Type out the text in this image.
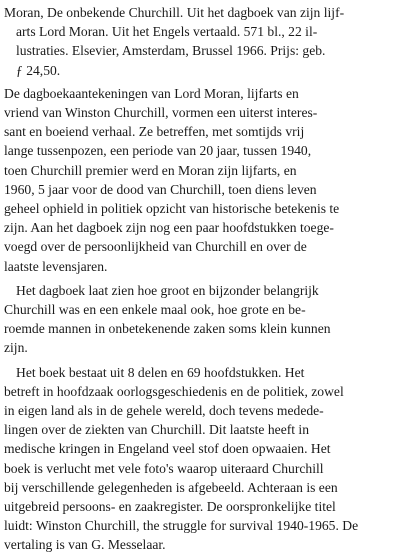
Moran, De onbekende Churchill. Uit het dagboek van zijn lijf-
arts Lord Moran. Uit het Engels vertaald. 571 bl., 22 il-
lustraties. Elsevier, Amsterdam, Brussel 1966. Prijs: geb.
ƒ 24,50.
De dagboekaantekeningen van Lord Moran, lijfarts en
vriend van Winston Churchill, vormen een uiterst interes-
sant en boeiend verhaal. Ze betreffen, met somtijds vrij
lange tussenpozen, een periode van 20 jaar, tussen 1940,
toen Churchill premier werd en Moran zijn lijfarts, en
1960, 5 jaar voor de dood van Churchill, toen diens leven
geheel ophield in politiek opzicht van historische betekenis te
zijn. Aan het dagboek zijn nog een paar hoofdstukken toege-
voegd over de persoonlijkheid van Churchill en over de
laatste levensjaren.
Het dagboek laat zien hoe groot en bijzonder belangrijk
Churchill was en een enkele maal ook, hoe grote en be-
roemde mannen in onbetekenende zaken soms klein kunnen
zijn.
Het boek bestaat uit 8 delen en 69 hoofdstukken. Het
betreft in hoofdzaak oorlogsgeschiedenis en de politiek, zowel
in eigen land als in de gehele wereld, doch tevens medede-
lingen over de ziekten van Churchill. Dit laatste heeft in
medische kringen in Engeland veel stof doen opwaaien. Het
boek is verlucht met vele foto's waarop uiteraard Churchill
bij verschillende gelegenheden is afgebeeld. Achteraan is een
uitgebreid persoons- en zaakregister. De oorspronkelijke titel
luidt: Winston Churchill, the struggle for survival 1940-1965. De
vertaling is van G. Messelaar.
